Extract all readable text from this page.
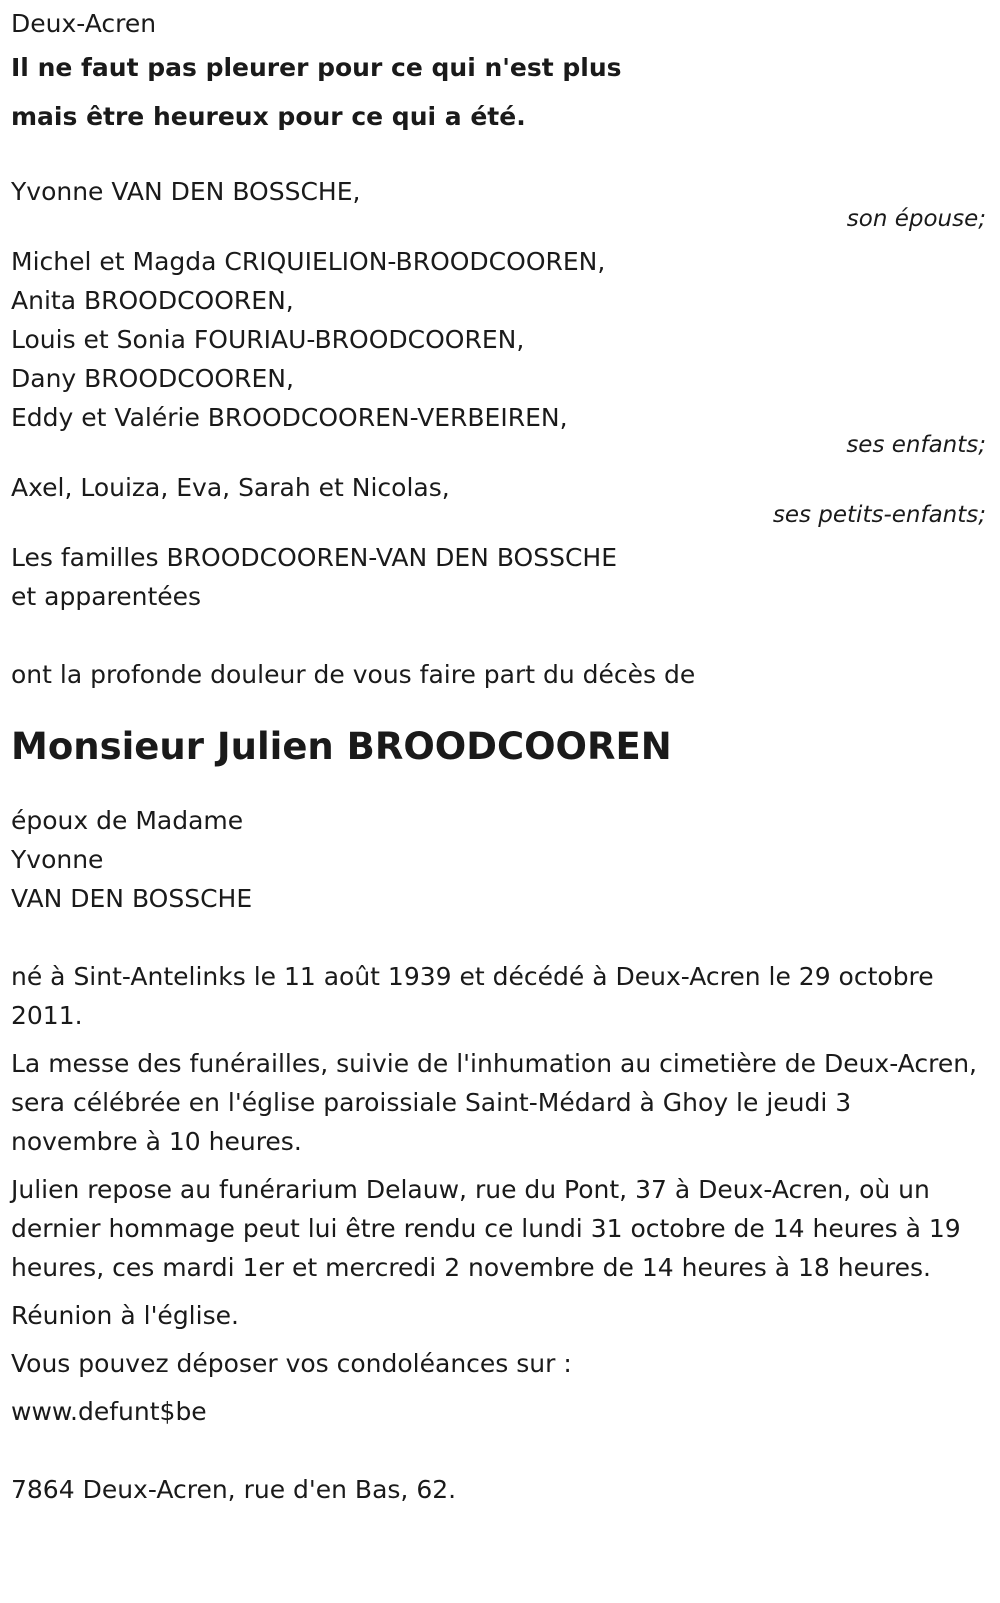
Deux-Acren

Il ne faut pas pleurer pour ce qui n'est plus

mais être heureux pour ce qui a été.

Yvonne VAN DEN BOSSCHE,

son épouse;

Michel et Magda CRIQUIELION-BROODCOOREN,

Anita BROODCOOREN,

Louis et Sonia FOURIAU-BROODCOOREN,

Dany BROODCOOREN,

Eddy et Valérie BROODCOOREN-VERBEIREN,

ses enfants;

Axel, Louiza, Eva, Sarah et Nicolas,

ses petits-enfants;

Les familles BROODCOOREN-VAN DEN BOSSCHE

et apparentées

ont la profonde douleur de vous faire part du décès de

Monsieur Julien BROODCOOREN

époux de Madame

Yvonne

VAN DEN BOSSCHE

né à Sint-Antelinks le 11 août 1939 et décédé à Deux-Acren le 29 octobre 2011.

La messe des funérailles, suivie de l'inhumation au cimetière de Deux-Acren, sera célébrée en l'église paroissiale Saint-Médard à Ghoy le jeudi 3 novembre à 10 heures.

Julien repose au funérarium Delauw, rue du Pont, 37 à Deux-Acren, où un dernier hommage peut lui être rendu ce lundi 31 octobre de 14 heures à 19 heures, ces mardi 1er et mercredi 2 novembre de 14 heures à 18 heures.

Réunion à l'église.

Vous pouvez déposer vos condoléances sur :

www.defunt$be

7864 Deux-Acren, rue d'en Bas, 62.
